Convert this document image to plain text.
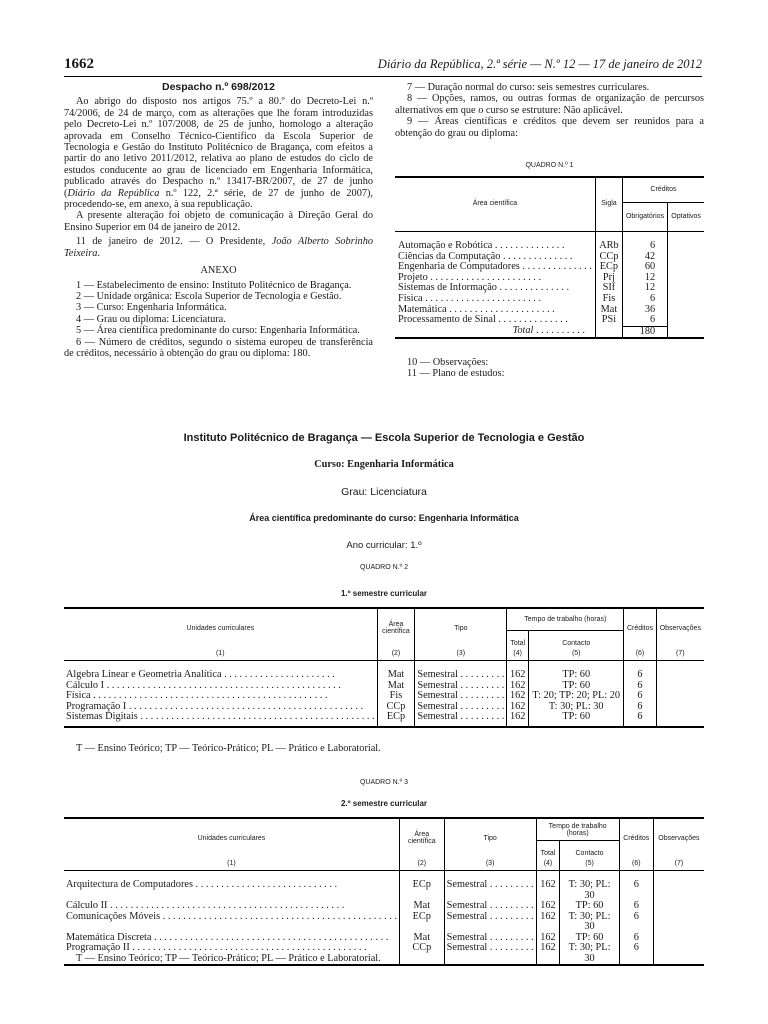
1662	Diário da República, 2.ª série — N.º 12 — 17 de janeiro de 2012
Despacho n.º 698/2012

Ao abrigo do disposto nos artigos 75.º a 80.º do Decreto-Lei n.º 74/2006, de 24 de março, com as alterações que lhe foram introduzidas pelo Decreto-Lei n.º 107/2008, de 25 de junho, homologo a alteração aprovada em Conselho Técnico-Científico da Escola Superior de Tecnologia e Gestão do Instituto Politécnico de Bragança, com efeitos a partir do ano letivo 2011/2012, relativa ao plano de estudos do ciclo de estudos conducente ao grau de licenciado em Engenharia Informática, publicado através do Despacho n.º 13417-BR/2007, de 27 de junho (Diário da República n.º 122, 2.ª série, de 27 de junho de 2007), procedendo-se, em anexo, à sua republicação.

A presente alteração foi objeto de comunicação à Direção Geral do Ensino Superior em 04 de janeiro de 2012.

11 de janeiro de 2012. — O Presidente, João Alberto Sobrinho Teixeira.

ANEXO

1 — Estabelecimento de ensino: Instituto Politécnico de Bragança.

2 — Unidade orgânica: Escola Superior de Tecnologia e Gestão.

3 — Curso: Engenharia Informática.

4 — Grau ou diploma: Licenciatura.

5 — Área científica predominante do curso: Engenharia Informática.

6 — Número de créditos, segundo o sistema europeu de transferência de créditos, necessário à obtenção do grau ou diploma: 180.

7 — Duração normal do curso: seis semestres curriculares.

8 — Opções, ramos, ou outras formas de organização de percursos alternativos em que o curso se estruture: Não aplicável.

9 — Áreas científicas e créditos que devem ser reunidos para a obtenção do grau ou diploma:

QUADRO N.º 1
Área científica	Sigla	Créditos	
		Obrigatórios	Optativos

Automação e Robótica . . . . . . . . . . . . . .	ARb	6	
Ciências da Computação . . . . . . . . . . . . . .	CCp	42	
Engenharia de Computadores . . . . . . . . . . . . . .	ECp	60	
Projeto . . . . . . . . . . . . . . . . . . . . . .	Prj	12	
Sistemas de Informação . . . . . . . . . . . . . .	SIf	12	
Física . . . . . . . . . . . . . . . . . . . . . . .	Fis	6	
Matemática . . . . . . . . . . . . . . . . . . . . .	Mat	36	
Processamento de Sinal . . . . . . . . . . . . . .	PSi	6	
Total . . . . . . . . . .		180	

10 — Observações:

11 — Plano de estudos:

Instituto Politécnico de Bragança — Escola Superior de Tecnologia e Gestão
Curso: Engenharia Informática
Grau: Licenciatura
Área científica predominante do curso: Engenharia Informática
Ano curricular: 1.º
QUADRO N.º 2
1.º semestre curricular
Unidades curriculares	Área científica	Tipo	Tempo de trabalho (horas)		Créditos	Observações
			Total	Contacto		
(1)	(2)	(3)	(4)	(5)	(6)	(7)

Álgebra Linear e Geometria Analítica . . . . . . . . . . . . . . . . . . . . . .	Mat	Semestral . . . . . . . . .	162	TP: 60	6	
Cálculo I . . . . . . . . . . . . . . . . . . . . . . . . . . . . . . . . . . . . . . . . . . . . . .	Mat	Semestral . . . . . . . . .	162	TP: 60	6	
Física . . . . . . . . . . . . . . . . . . . . . . . . . . . . . . . . . . . . . . . . . . . . . .	Fis	Semestral . . . . . . . . .	162	T: 20; TP: 20; PL: 20	6	
Programação I . . . . . . . . . . . . . . . . . . . . . . . . . . . . . . . . . . . . . . . . . . . . . .	CCp	Semestral . . . . . . . . .	162	T: 30; PL: 30	6	
Sistemas Digitais . . . . . . . . . . . . . . . . . . . . . . . . . . . . . . . . . . . . . . . . . . . . . .	ECp	Semestral . . . . . . . . .	162	TP: 60	6	

T — Ensino Teórico; TP — Teórico-Prático; PL — Prático e Laboratorial.

QUADRO N.º 3
2.º semestre curricular
Unidades curriculares	Área científica	Tipo	Tempo de trabalho (horas)		Créditos	Observações
			Total	Contacto		
(1)	(2)	(3)	(4)	(5)	(6)	(7)

Arquitectura de Computadores . . . . . . . . . . . . . . . . . . . . . . . . . . . .	ECp	Semestral . . . . . . . . .	162	T: 30; PL: 30	6	
Cálculo II . . . . . . . . . . . . . . . . . . . . . . . . . . . . . . . . . . . . . . . . . . . . . .	Mat	Semestral . . . . . . . . .	162	TP: 60	6	
Comunicações Móveis . . . . . . . . . . . . . . . . . . . . . . . . . . . . . . . . . . . . . . . . . . . . . .	ECp	Semestral . . . . . . . . .	162	T: 30; PL: 30	6	
Matemática Discreta . . . . . . . . . . . . . . . . . . . . . . . . . . . . . . . . . . . . . . . . . . . . . .	Mat	Semestral . . . . . . . . .	162	TP: 60	6	
Programação II . . . . . . . . . . . . . . . . . . . . . . . . . . . . . . . . . . . . . . . . . . . . . .	CCp	Semestral . . . . . . . . .	162	T: 30; PL: 30	6	

T — Ensino Teórico; TP — Teórico-Prático; PL — Prático e Laboratorial.
